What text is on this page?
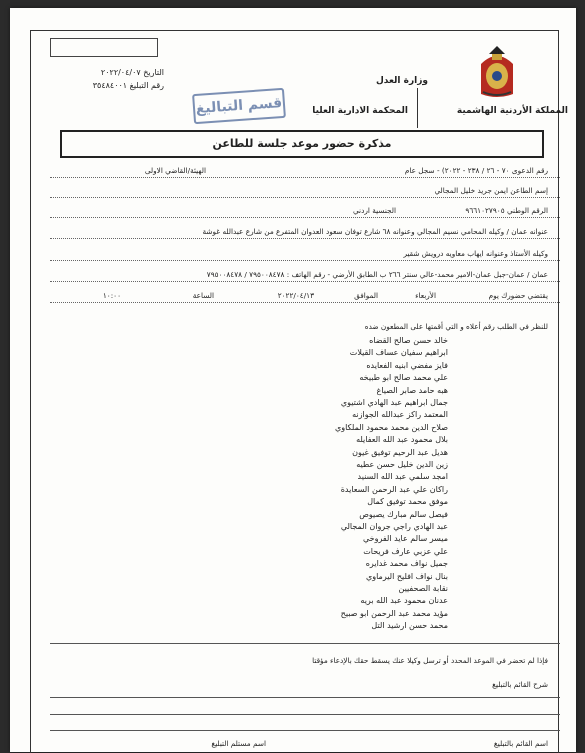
وزارة العدل
المملكة الأردنية الهاشمية
المحكمة الادارية العليا
التاريخ ٢٠٢٢/٠٤/٠٧
رقم التبليغ ٣٥٤٨٤٠٠١
قسم التباليغ
مذكرة حضور موعد جلسة للطاعن
رقم الدعوى ٧٠ - ٢٦ / ٢٣٨ - ٢٠٢٢) - سجل عام
الهيئة/القاضي الاولى
إسم الطاعن ايمن جريد خليل المجالي
الرقم الوطني ٩٦٦١٠٢٧٩٠٥
الجنسية اردني
عنوانه عمان / وكيله المحامي نسيم المجالي وعنوانه ٦٨ شارع توفان سعود العدوان المتفرع من شارع عبدالله غوشة
وكيله الأستاذ وعنوانه ايهاب معاويه درويش شقير
عمان / عمان-جبل عمان-الامير محمد-عالي سنتر ٢٦٦ ب الطابق الأرضي - رقم الهاتف : ٧٩٥٠٠٨٤٧٨ / ٧٩٥٠٠٨٤٧٨
يقتضي حضورك يوم
الأربعاء
الموافق
٢٠٢٢/٠٤/١٣
الساعة
١٠:٠٠
للنظر في الطلب رقم أعلاه و التي أقمتها على المطعون ضده
خالد حسن صالح القضاه
ابراهيم سفيان عساف القيلات
فايز مفضي ابنيه الفعايده
علي محمد صالح ابو طبيخه
هبه حامد صابر الصياغ
جمال ابراهيم عبد الهادي اشتيوي
المعتمد راكز عبدالله الجوازنه
صلاح الدين محمد محمود الملكاوي
بلال محمود عبد الله العفايله
هديل عبد الرحيم توفيق غيون
زين الدين خليل حسن عطيه
امجد سلمي عبد الله السنيد
راكان علي عبد الرحمن السعايدة
موفق محمد توفيق كمال
فيصل سالم مبارك يصيوص
عبد الهادي راجي جروان المجالي
ميسر سالم عايد الفروخي
علي عزبي عارف فريحات
جميل نواف محمد غدايره
بنال نواف افليح اليرماوي
نقابة الصحفيين
عدنان محمود عبد الله بريه
مؤيد محمد عبد الرحمن ابو صبيح
محمد حسن ارشيد التل
فإذا لم تحضر في الموعد المحدد أو ترسل وكيلا عنك يسقط حقك بالإدعاء مؤقتا
شرح القائم بالتبليغ
اسم القائم بالتبليغ
اسم مستلم التبليغ
